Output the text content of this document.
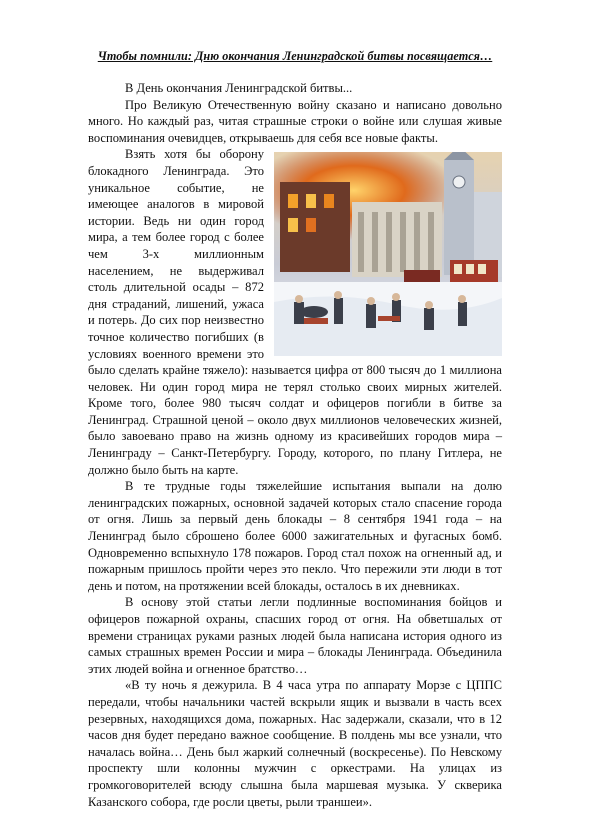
Чтобы помнили: Дню окончания Ленинградской битвы посвящается…

В День окончания Ленинградской битвы...

Про Великую Отечественную войну сказано и написано довольно много. Но каждый раз, читая страшные строки о войне или слушая живые воспоминания очевидцев, открываешь для себя все новые факты.

Взять хотя бы оборону блокадного Ленинграда. Это уникальное событие, не имеющее аналогов в мировой истории. Ведь ни один город мира, а тем более город с более чем 3-х миллионным населением, не выдерживал столь длительной осады – 872 дня страданий, лишений, ужаса и потерь. До сих пор неизвестно точное количество погибших (в условиях военного времени это было сделать крайне тяжело): называется цифра от 800 тысяч до 1 миллиона человек. Ни один город мира не терял столько своих мирных жителей. Кроме того, более 980 тысяч солдат и офицеров погибли в битве за Ленинград. Страшной ценой – около двух миллионов человеческих жизней, было завоевано право на жизнь одному из красивейших городов мира – Ленинграду – Санкт-Петербургу. Городу, которого, по плану Гитлера, не должно было быть на карте.

В те трудные годы тяжелейшие испытания выпали на долю ленинградских пожарных, основной задачей которых стало спасение города от огня. Лишь за первый день блокады – 8 сентября 1941 года – на Ленинград было сброшено более 6000 зажигательных и фугасных бомб. Одновременно вспыхнуло 178 пожаров. Город стал похож на огненный ад, и пожарным пришлось пройти через это пекло. Что пережили эти люди в тот день и потом, на протяжении всей блокады, осталось в их дневниках.

В основу этой статьи легли подлинные воспоминания бойцов и офицеров пожарной охраны, спасших город от огня. На обветшалых от времени страницах руками разных людей была написана история одного из самых страшных времен России и мира – блокады Ленинграда. Объединила этих людей война и огненное братство…

«В ту ночь я дежурила. В 4 часа утра по аппарату Морзе с ЦППС передали, чтобы начальники частей вскрыли ящик и вызвали в часть всех резервных, находящихся дома, пожарных. Нас задержали, сказали, что в 12 часов дня будет передано важное сообщение. В полдень мы все узнали, что началась война… День был жаркий солнечный (воскресенье). По Невскому проспекту шли колонны мужчин с оркестрами. На улицах из громкоговорителей всюду слышна была маршевая музыка. У скверика Казанского собора, где росли цветы, рыли траншеи».
